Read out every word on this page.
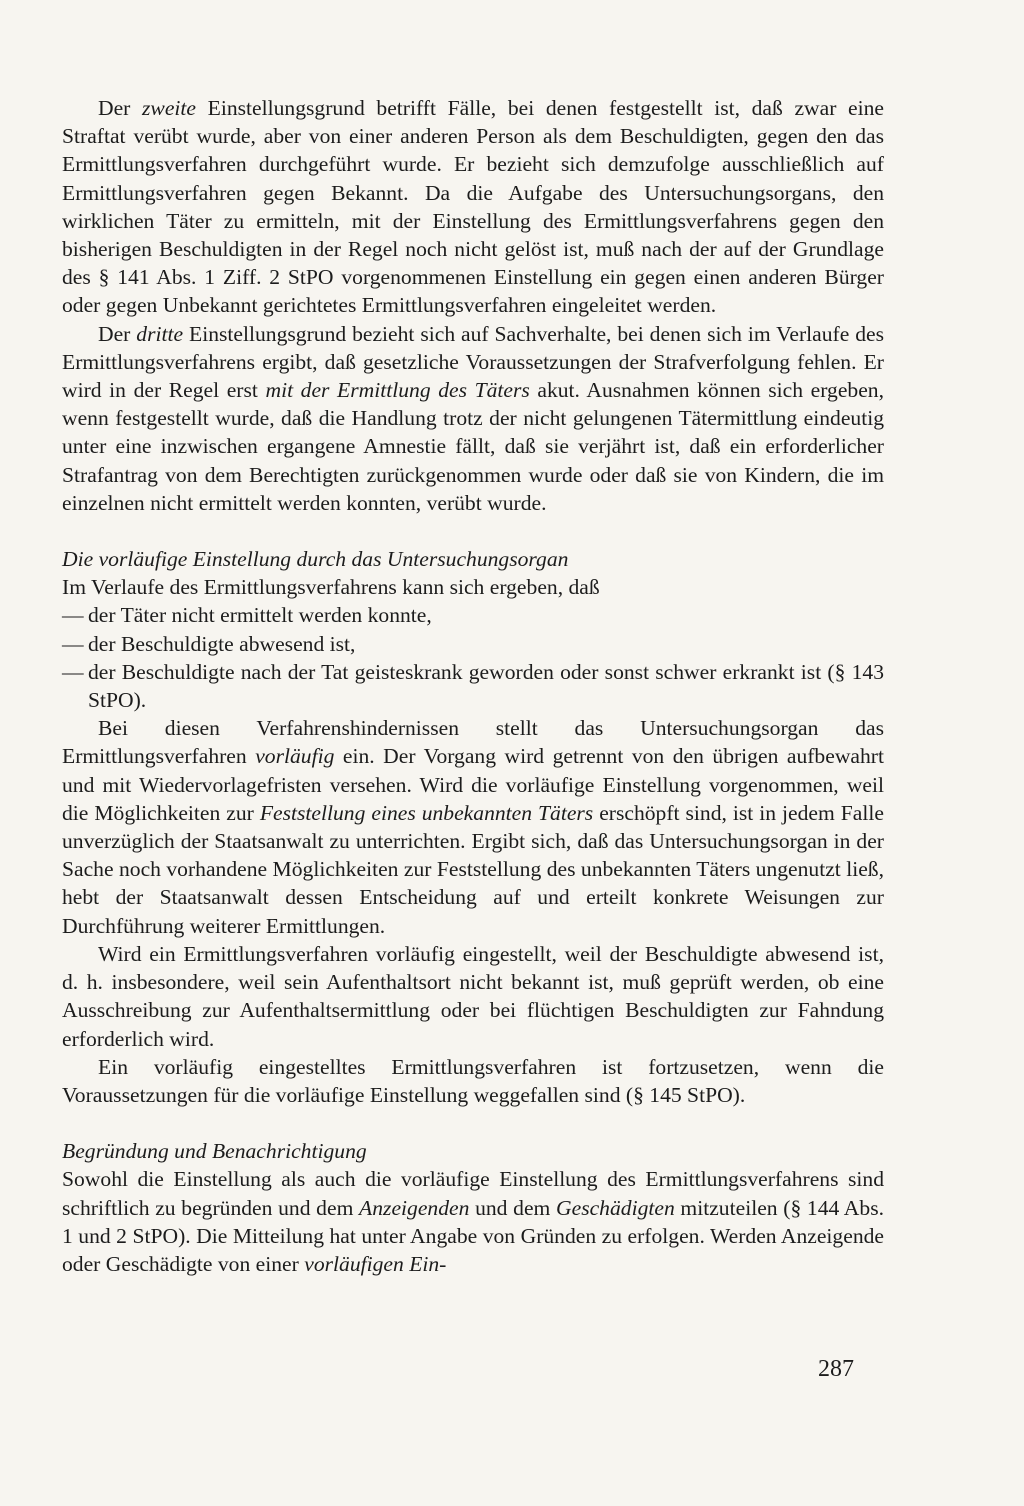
Der zweite Einstellungsgrund betrifft Fälle, bei denen festgestellt ist, daß zwar eine Straftat verübt wurde, aber von einer anderen Person als dem Beschuldigten, gegen den das Ermittlungsverfahren durchgeführt wurde. Er bezieht sich demzufolge ausschließlich auf Ermittlungsverfahren gegen Bekannt. Da die Aufgabe des Untersuchungsorgans, den wirklichen Täter zu ermitteln, mit der Einstellung des Ermittlungsverfahrens gegen den bisherigen Beschuldigten in der Regel noch nicht gelöst ist, muß nach der auf der Grundlage des § 141 Abs. 1 Ziff. 2 StPO vorgenommenen Einstellung ein gegen einen anderen Bürger oder gegen Unbekannt gerichtetes Ermittlungsverfahren eingeleitet werden.

Der dritte Einstellungsgrund bezieht sich auf Sachverhalte, bei denen sich im Verlaufe des Ermittlungsverfahrens ergibt, daß gesetzliche Voraussetzungen der Strafverfolgung fehlen. Er wird in der Regel erst mit der Ermittlung des Täters akut. Ausnahmen können sich ergeben, wenn festgestellt wurde, daß die Handlung trotz der nicht gelungenen Tätermittlung eindeutig unter eine inzwischen ergangene Amnestie fällt, daß sie verjährt ist, daß ein erforderlicher Strafantrag von dem Berechtigten zurückgenommen wurde oder daß sie von Kindern, die im einzelnen nicht ermittelt werden konnten, verübt wurde.

Die vorläufige Einstellung durch das Untersuchungsorgan

Im Verlaufe des Ermittlungsverfahrens kann sich ergeben, daß

— der Täter nicht ermittelt werden konnte,
— der Beschuldigte abwesend ist,
— der Beschuldigte nach der Tat geisteskrank geworden oder sonst schwer erkrankt ist (§ 143 StPO).

Bei diesen Verfahrenshindernissen stellt das Untersuchungsorgan das Ermittlungsverfahren vorläufig ein. Der Vorgang wird getrennt von den übrigen aufbewahrt und mit Wiedervorlagefristen versehen. Wird die vorläufige Einstellung vorgenommen, weil die Möglichkeiten zur Feststellung eines unbekannten Täters erschöpft sind, ist in jedem Falle unverzüglich der Staatsanwalt zu unterrichten. Ergibt sich, daß das Untersuchungsorgan in der Sache noch vorhandene Möglichkeiten zur Feststellung des unbekannten Täters ungenutzt ließ, hebt der Staatsanwalt dessen Entscheidung auf und erteilt konkrete Weisungen zur Durchführung weiterer Ermittlungen.

Wird ein Ermittlungsverfahren vorläufig eingestellt, weil der Beschuldigte abwesend ist, d. h. insbesondere, weil sein Aufenthaltsort nicht bekannt ist, muß geprüft werden, ob eine Ausschreibung zur Aufenthaltsermittlung oder bei flüchtigen Beschuldigten zur Fahndung erforderlich wird.

Ein vorläufig eingestelltes Ermittlungsverfahren ist fortzusetzen, wenn die Voraussetzungen für die vorläufige Einstellung weggefallen sind (§ 145 StPO).

Begründung und Benachrichtigung

Sowohl die Einstellung als auch die vorläufige Einstellung des Ermittlungsverfahrens sind schriftlich zu begründen und dem Anzeigenden und dem Geschädigten mitzuteilen (§ 144 Abs. 1 und 2 StPO). Die Mitteilung hat unter Angabe von Gründen zu erfolgen. Werden Anzeigende oder Geschädigte von einer vorläufigen Ein-

287
